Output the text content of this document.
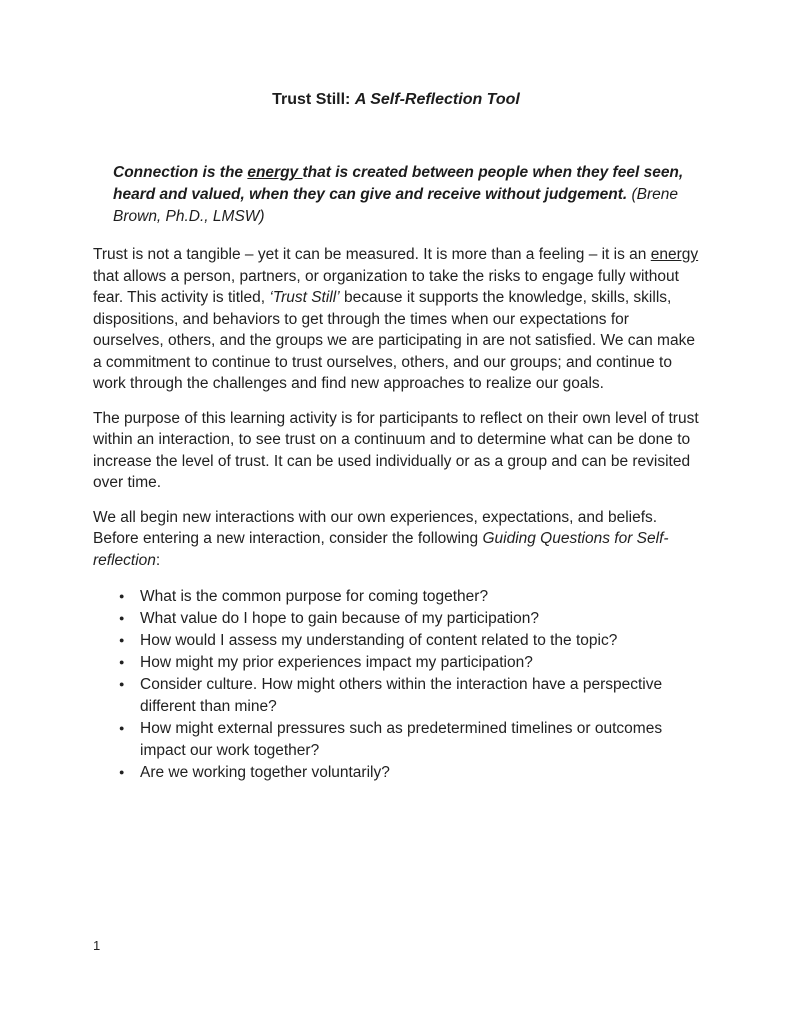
Trust Still: A Self-Reflection Tool

Connection is the energy that is created between people when they feel seen, heard and valued, when they can give and receive without judgement. (Brene Brown, Ph.D., LMSW)

Trust is not a tangible – yet it can be measured. It is more than a feeling – it is an energy that allows a person, partners, or organization to take the risks to engage fully without fear. This activity is titled, ‘Trust Still’ because it supports the knowledge, skills, skills, dispositions, and behaviors to get through the times when our expectations for ourselves, others, and the groups we are participating in are not satisfied. We can make a commitment to continue to trust ourselves, others, and our groups; and continue to work through the challenges and find new approaches to realize our goals.

The purpose of this learning activity is for participants to reflect on their own level of trust within an interaction, to see trust on a continuum and to determine what can be done to increase the level of trust. It can be used individually or as a group and can be revisited over time.

We all begin new interactions with our own experiences, expectations, and beliefs. Before entering a new interaction, consider the following Guiding Questions for Self-reflection:

● What is the common purpose for coming together?
● What value do I hope to gain because of my participation?
● How would I assess my understanding of content related to the topic?
● How might my prior experiences impact my participation?
● Consider culture. How might others within the interaction have a perspective different than mine?
● How might external pressures such as predetermined timelines or outcomes impact our work together?
● Are we working together voluntarily?
1
